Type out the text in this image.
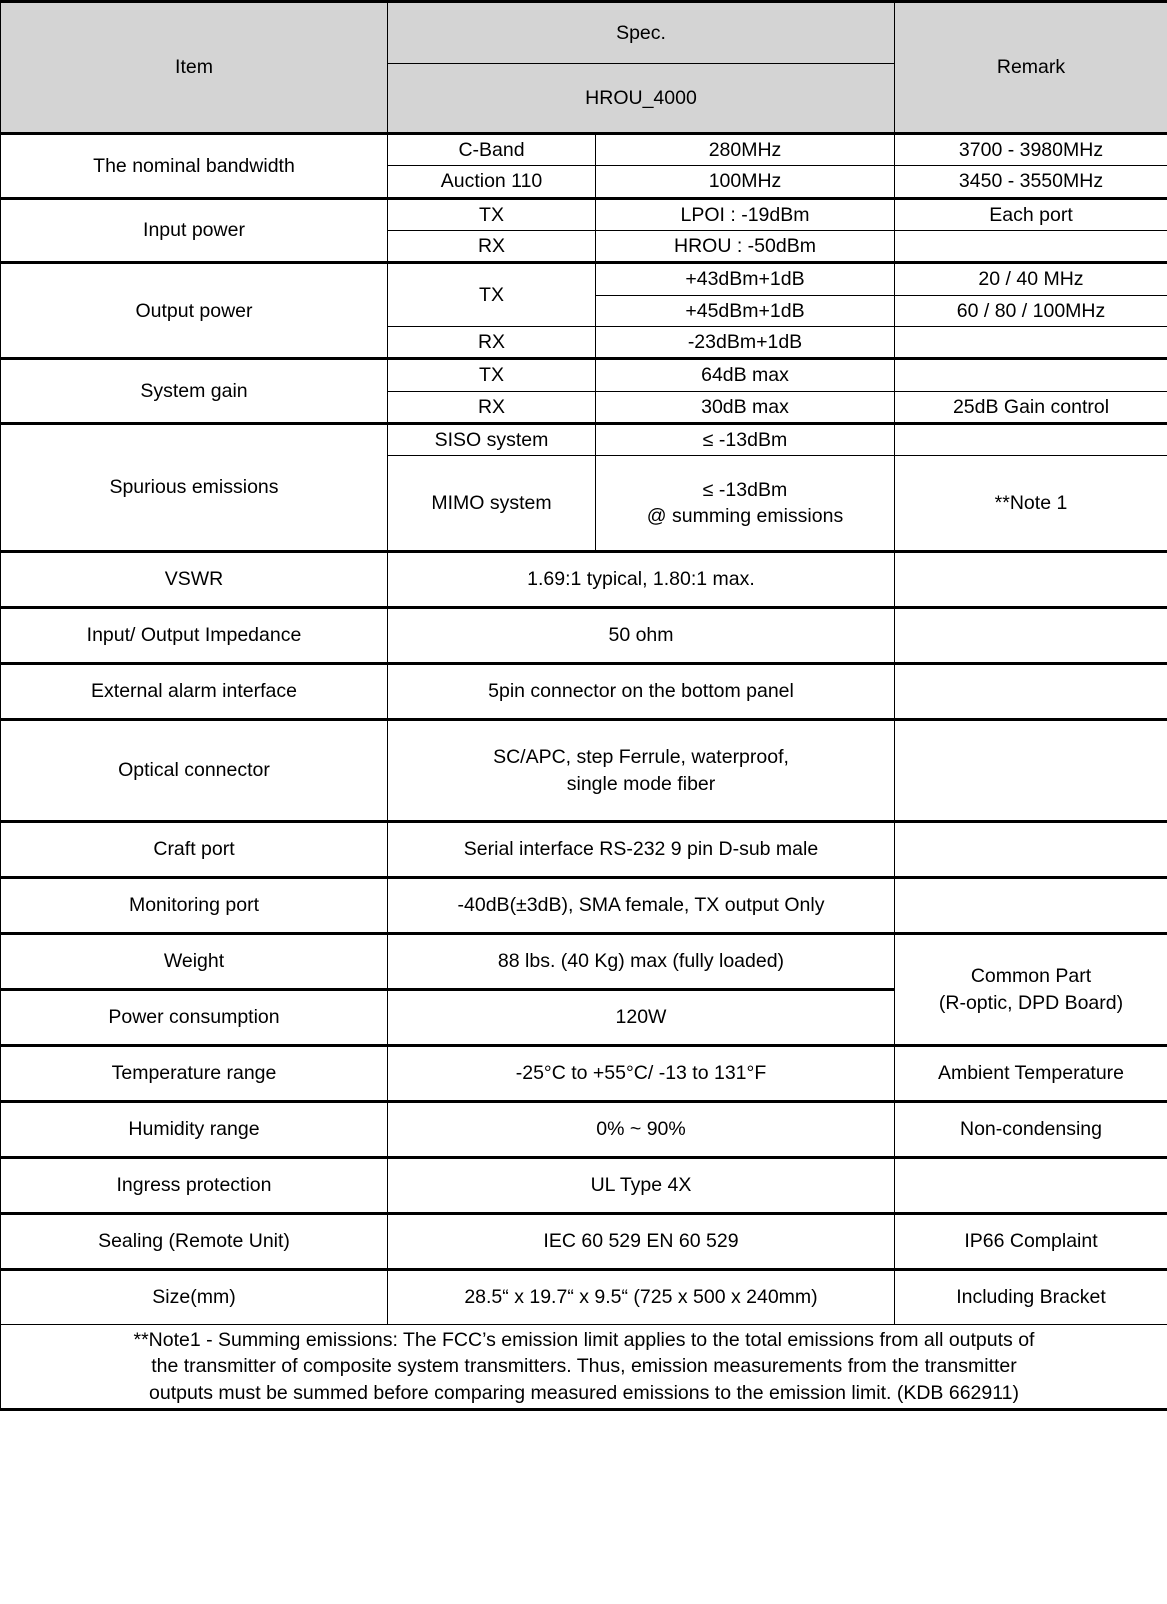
Item	Spec.		Remark
	HROU_4000		
The nominal bandwidth	C-Band	280MHz	3700 - 3980MHz
	Auction 110	100MHz	3450 - 3550MHz
Input power	TX	LPOI : -19dBm	Each port
	RX	HROU : -50dBm	
Output power	TX	+43dBm+1dB	20 / 40 MHz
		+45dBm+1dB	60 / 80 / 100MHz
	RX	-23dBm+1dB	
System gain	TX	64dB max	
	RX	30dB max	25dB Gain control
Spurious emissions	SISO system	≤ -13dBm	
	MIMO system	≤ -13dBm
@ summing emissions	**Note 1
VSWR	1.69:1 typical, 1.80:1 max.		
Input/ Output Impedance	50 ohm		
External alarm interface	5pin connector on the bottom panel		
Optical connector	SC/APC, step Ferrule, waterproof,
single mode fiber		

Craft port	Serial interface RS-232 9 pin D-sub male		
Monitoring port	-40dB(±3dB), SMA female, TX output Only		
Weight	88 lbs. (40 Kg) max (fully loaded)		Common Part
(R-optic, DPD Board)

Power consumption	120W		
Temperature range	-25°C to +55°C/ -13 to 131°F		Ambient Temperature
Humidity range	0% ~ 90%		Non-condensing
Ingress protection	UL Type 4X		
Sealing (Remote Unit)	IEC 60 529 EN 60 529		IP66 Complaint
Size(mm)	28.5“ x 19.7“ x 9.5“ (725 x 500 x 240mm)		Including Bracket

**Note1 - Summing emissions: The FCC’s emission limit applies to the total emissions from all outputs of

the transmitter of composite system transmitters. Thus, emission measurements from the transmitter

outputs must be summed before comparing measured emissions to the emission limit. (KDB 662911)			
